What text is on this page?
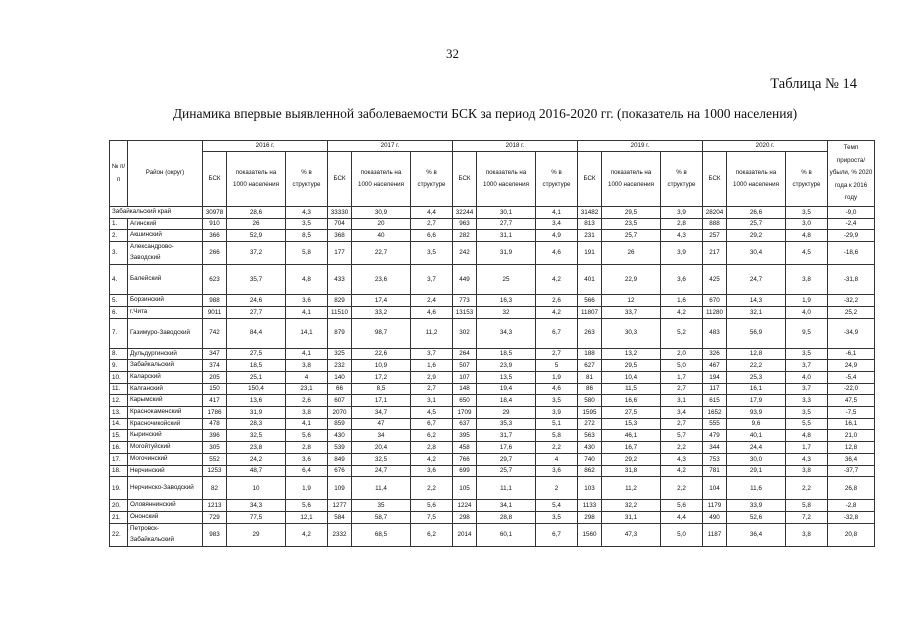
32
Таблица № 14
Динамика впервые выявленной заболеваемости БСК за период 2016-2020 гг. (показатель на 1000 населения)
№ п/п	Район (округ)	2016 г.			2017 г.			2018 г.			2019 г.			2020 г.			Темп прироста/ убыли, % 2020 года к 2016 году
		БСК	показатель на 1000 населения	% в структуре	БСК	показатель на 1000 населения	% в структуре	БСК	показатель на 1000 населения	% в структуре	БСК	показатель на 1000 населения	% в структуре	БСК	показатель на 1000 населения	% в структуре	
Забайкальский край		30978	28,6	4,3	33330	30,9	4,4	32244	30,1	4,1	31482	29,5	3,9	28204	26,6	3,5	-9,0
1.	Агинский	910	26	3,5	704	20	2,7	963	27,7	3,4	813	23,5	2,8	888	25,7	3,0	-2,4
2.	Акшинский	366	52,9	8,5	368	40	6,6	282	31,1	4,9	231	25,7	4,3	257	29,2	4,8	-29,9
3.	Александрово-Заводский	266	37,2	5,8	177	22,7	3,5	242	31,9	4,6	191	26	3,9	217	30,4	4,5	-18,6
4.	Балейский	623	35,7	4,8	433	23,6	3,7	449	25	4,2	401	22,9	3,6	425	24,7	3,8	-31,8
5.	Борзинский	988	24,6	3,6	829	17,4	2,4	773	16,3	2,6	566	12	1,6	670	14,3	1,9	-32,2
6.	г.Чита	9011	27,7	4,1	11510	33,2	4,6	13153	32	4,2	11807	33,7	4,2	11280	32,1	4,0	25,2
7.	Газимуро-Заводский	742	84,4	14,1	879	98,7	11,2	302	34,3	6,7	263	30,3	5,2	483	56,9	9,5	-34,9
8.	Дульдургинский	347	27,5	4,1	325	22,6	3,7	264	18,5	2,7	188	13,2	2,0	326	12,8	3,5	-6,1
9.	Забайкальский	374	18,5	3,8	232	10,9	1,6	507	23,9	5	627	29,5	5,0	467	22,2	3,7	24,9
10.	Каларский	205	25,1	4	140	17,2	2,9	107	13,5	1,9	81	10,4	1,7	194	25,3	4,0	-5,4
11.	Калганский	150	150,4	23,1	66	8,5	2,7	148	19,4	4,6	86	11,5	2,7	117	16,1	3,7	-22,0
12.	Карымский	417	13,6	2,6	607	17,1	3,1	650	18,4	3,5	580	16,6	3,1	615	17,9	3,3	47,5
13.	Краснокаменский	1786	31,9	3,8	2070	34,7	4,5	1709	29	3,9	1595	27,5	3,4	1652	93,9	3,5	-7,5
14.	Красночикойский	478	28,3	4,1	859	47	6,7	637	35,3	5,1	272	15,3	2,7	555	9,6	5,5	16,1
15.	Кыринский	396	32,5	5,6	430	34	6,2	395	31,7	5,8	563	46,1	5,7	479	40,1	4,8	21,0
16.	Могойтуйский	305	23,8	2,8	539	20,4	2,8	458	17,6	2,2	430	16,7	2,2	344	24,4	1,7	12,8
17.	Могочинский	552	24,2	3,6	849	32,5	4,2	766	29,7	4	740	29,2	4,3	753	30,0	4,3	36,4
18.	Нерчинский	1253	48,7	6,4	676	24,7	3,6	699	25,7	3,6	862	31,8	4,2	781	29,1	3,8	-37,7
19.	Нерчинско-Заводский	82	10	1,9	109	11,4	2,2	105	11,1	2	103	11,2	2,2	104	11,6	2,2	26,8
20.	Оловяннинский	1213	34,3	5,6	1277	35	5,6	1224	34,1	5,4	1133	32,2	5,6	1179	33,9	5,8	-2,8
21.	Ононский	729	77,5	12,1	584	58,7	7,5	298	28,8	3,5	298	31,1	4,4	490	52,6	7,2	-32,8
22.	Петровск-Забайкальский	983	29	4,2	2332	68,5	6,2	2014	60,1	6,7	1560	47,3	5,0	1187	36,4	3,8	20,8
